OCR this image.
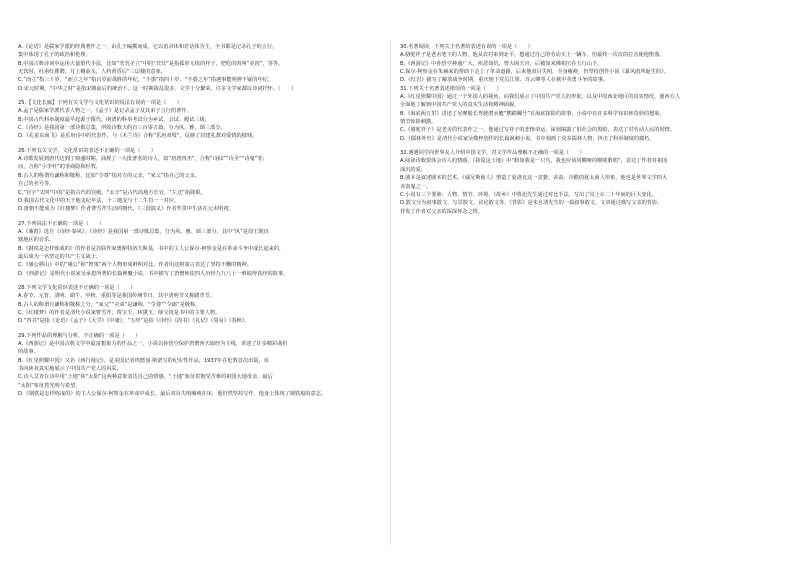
A.《论语》是儒家学派的经典著作之一，由孔子编撰而成，它以语录体和对话体为主，全书都是记录孔子的言行，
集中体现了孔子的政治和伦理。
B.中国古典诗词中运用大量借代手法，比如“茕茕孑立”中的“茕茕”是指孤单无依的样子，把吃的肉叫“美肉”，等等。
无饮时，杜甫红瞿聘，月上樽前头，人约黄昏后“三层楼的意象。
C.“而立”指三十岁，“而立之年”指百岁前战胜的年纪，“不惑”指四十岁，“不惑之年”指遇事能明辨不疑的年纪。
D.宋元时期，“中华之时”是指宋朝前后的统治下，这一时期战乱很多，文学十分繁荣，许多文学家都以诗词抒怀。（　　）
25.【文化长廊】下列有关文学与文化常识的说法有误的一项是（　　）
A.孟子是儒家学派代表人物之一，《孟子》是记录孟子及其弟子言行的著作。
B.中国古代科举制度最早起源于隋代，明清的科举考试分为乡试、会试、殿试三级。
C.《诗经》是我国第一部诗歌总集，所收诗歌大约有三百零五篇，分为风、雅、颂三部分。
D.《孔雀东南飞》是乐府诗中的代表作，与《木兰诗》合称“乐府双璧”，反映了封建礼教对爱情的摧残。
26.下列有关文学、文化常识的表述不正确的一项是（　　）
A.诗歌发展到唐代达到了鼎盛时期，涌现了一大批著名的诗人，如“初唐四杰”，合称“诗仙”“诗圣”“诗鬼”等；
而，合称“小李杜”的李商隐和杜牧。
B.古人的称谓有谦称和敬称，比如“令尊”指对方的父亲，“家父”指自己的父亲。
自己的名号等。
C.“宫宇”又叫“中的”是指古代的宫殿，“太守”是古代的地方长官，“左迁”指降职。
D.我国古代文化中的天干地支纪年法，十二地支与十二生肖一一对应。
D.唐朝不能成为《红楼梦》作者曹雪芹生活的朝代，《三国演义》作者罗贯中生活在元末明初。
27.下列说法不正确的一项是（　　）
A.《蒹葭》选自《诗经·秦风》，《诗经》是我国第一部诗歌总集，分为风、雅、颂三部分，其中“风”是周王朝直
辖地区的音乐。
B.《钢铁是怎样炼成的》的作者是苏联作家奥斯特洛夫斯基，书中的主人公保尔·柯察金是在革命斗争中成长起来的，
最后成为一名坚定的共产主义战士。
C.《愚公移山》中的“愚公”和“智叟”两个人物形成鲜明对比，作者用这则寓言表达了坚持不懈的精神。
D.《西游记》是明代小说家吴承恩所著的长篇神魔小说，书中描写了唐僧师徒四人历经九九八十一难取得真经的故事。
28.下列文学文化常识表述不正确的一项是（　　）
A.春节、元宵、清明、端午、中秋、重阳等是我国传统节日，其中清明节又称踏青节。
B.古人的称谓有谦称和敬称之分，“家父”“舍弟”是谦称，“令尊”“令郎”是敬称。
C.《红楼梦》的作者是清代小说家曹雪芹，贾宝玉、林黛玉、薛宝钗是书中的主要人物。
D.“四书”是指《论语》《孟子》《大学》《中庸》，“五经”是指《诗经》《尚书》《礼记》《周易》《春秋》。
29.下列作品的理解与分析，不正确的一项是（　　）
A.《西游记》是中国古典文学中最富想象力的作品之一，小说以孙悟空保护唐僧西天取经为主线，讲述了许多精彩曲折
的故事。
B.《红星照耀中国》又名《西行漫记》，是美国记者埃德加·斯诺写的纪实性作品，1937年在伦敦首次出版，该
书向读者真实地展示了中国共产党人的风采。
C.诗人艾青在诗中用“土地”和“太阳”这两种意象表达自己的情感，“土地”象征着饱受苦难的祖国大地母亲，最后
“太阳”象征着光明与希望。
D.《钢铁是怎样炼成的》的主人公保尔·柯察金在革命中成长，最后双目失明瘫痪在床，他仍然坚持写作，他身上体现了钢铁般的意志。
30.名著阅读，下列关于名著的表述有误的一项是（　　）
A.骆驼祥子是老舍笔下的人物，他从农村来到北平，想通过自己的劳动买上一辆车，但最终一次次的打击使他堕落。
B.《西游记》中孙悟空神通广大，疾恶如仇，曾大闹天宫，后被如来佛祖压在五行山下。
C.保尔·柯察金在朱赫来的帮助下走上了革命道路，后来他双目失明，全身瘫痪，仍坚持创作小说《暴风雨所诞生的》。
D.《红岩》描写了解放战争时期，重庆地下党员江姐、许云峰等人在狱中英勇斗争的故事。
31.下列关于名著表述错误的一项是（　　）
A.《红星照耀中国》通过一个外国人的视角，向我们展示了中国共产党人的形象，以及中国西北地区的真实情况，使西方人
全面地了解到中国共产党人的真实生活和精神面貌。
B.《海底两万里》讲述了尼摩船长驾驶潜水艇“鹦鹉螺号”在海底探险的故事，小说中有许多科学知识和奇妙的想象，
情节惊险刺激。
C.《骆驼祥子》是老舍的代表作之一，他通过写祥子的悲惨命运，深刻揭露了旧社会的黑暗，表达了对劳动人民的同情。
D.《儒林外史》是清代小说家吴敬梓创作的长篇讽刺小说，书中刻画了众多儒林人物，抨击了科举制度的腐朽。
32.遇遇同学向世界友人介绍中国文学，对文学作品理解不正确的一项是（　　）
A.阅读诗歌要体会诗人的情感，《我爱这土地》中“假如我是一只鸟，我也应该用嘶哑的喉咙歌唱”，表达了作者对祖国
深沉的爱。
B.剧本是叙述剧本的艺术，《威尼斯商人》塑造了夏洛克这一贪婪、吝啬、冷酷的犹太商人形象，他也是世界文学四大
吝啬鬼之一。
C.小说有三个要素：人物、情节、环境，《故乡》中鲁迅先生通过对比手法，写出了闰土在二十年间的巨大变化。
D.散文分为叙事散文、写景散文、议论散文等，《背影》是朱自清先生的一篇叙事散文，文章通过描写父亲的背影，
抒发了作者对父亲的深深怀念之情。
